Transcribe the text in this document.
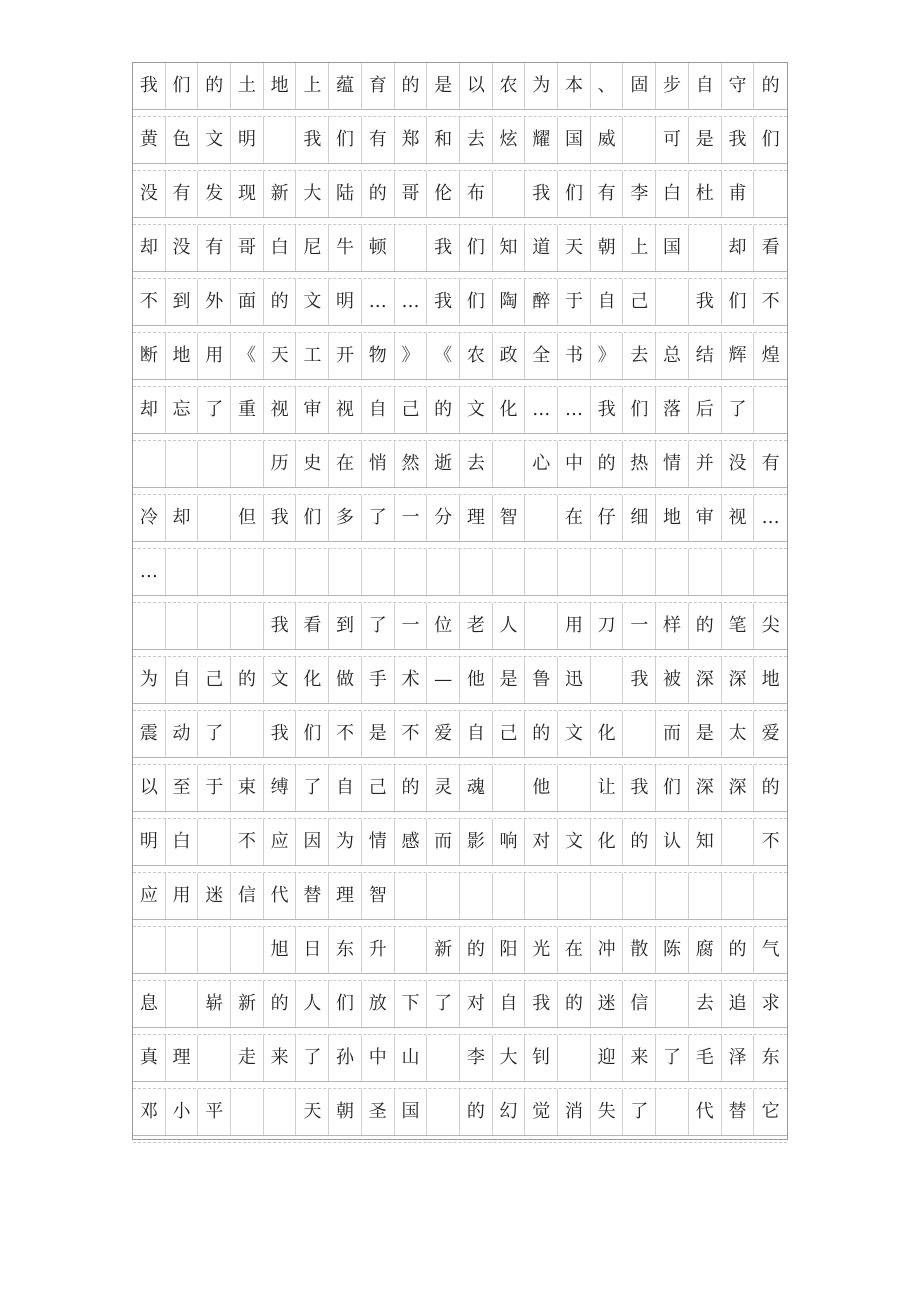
我 们 的 土 地 上 蕴 育 的 是 以 农 为 本 、 固 步 自 守 的
黄 色 文 明	我 们 有 郑 和 去 炫 耀 国 威	可 是 我 们
没 有 发 现 新 大 陆 的 哥 伦 布	我 们 有 李 白 杜 甫
却 没 有 哥 白 尼 牛 顿	我 们 知 道 天 朝 上 国	却 看
不 到 外 面 的 文 明 … … 我 们 陶 醉 于 自 己	我 们 不
断 地 用 《 天 工 开 物 》 《 农 政 全 书 》 去 总 结 辉 煌
却 忘 了 重 视 审 视 自 己 的 文 化 … … 我 们 落 后 了
历 史 在 悄 然 逝 去	心 中 的 热 情 并 没 有
冷 却	但 我 们 多 了 一 分 理 智	在 仔 细 地 审 视 …
…
我 看 到 了 一 位 老 人	用 刀 一 样 的 笔 尖
为 自 己 的 文 化 做 手 术 — 他 是 鲁 迅	我 被 深 深 地
震 动 了	我 们 不 是 不 爱 自 己 的 文 化	而 是 太 爱
以 至 于 束 缚 了 自 己 的 灵 魂	他	让 我 们 深 深 的
明 白	不 应 因 为 情 感 而 影 响 对 文 化 的 认 知	不
应 用 迷 信 代 替 理 智
旭 日 东 升	新 的 阳 光 在 冲 散 陈 腐 的 气
息	崭 新 的 人 们 放 下 了 对 自 我 的 迷 信	去 追 求
真 理	走 来 了 孙 中 山	李 大 钊	迎 来 了 毛 泽 东
邓 小 平	天 朝 圣 国	的 幻 觉 消 失 了	代 替 它
